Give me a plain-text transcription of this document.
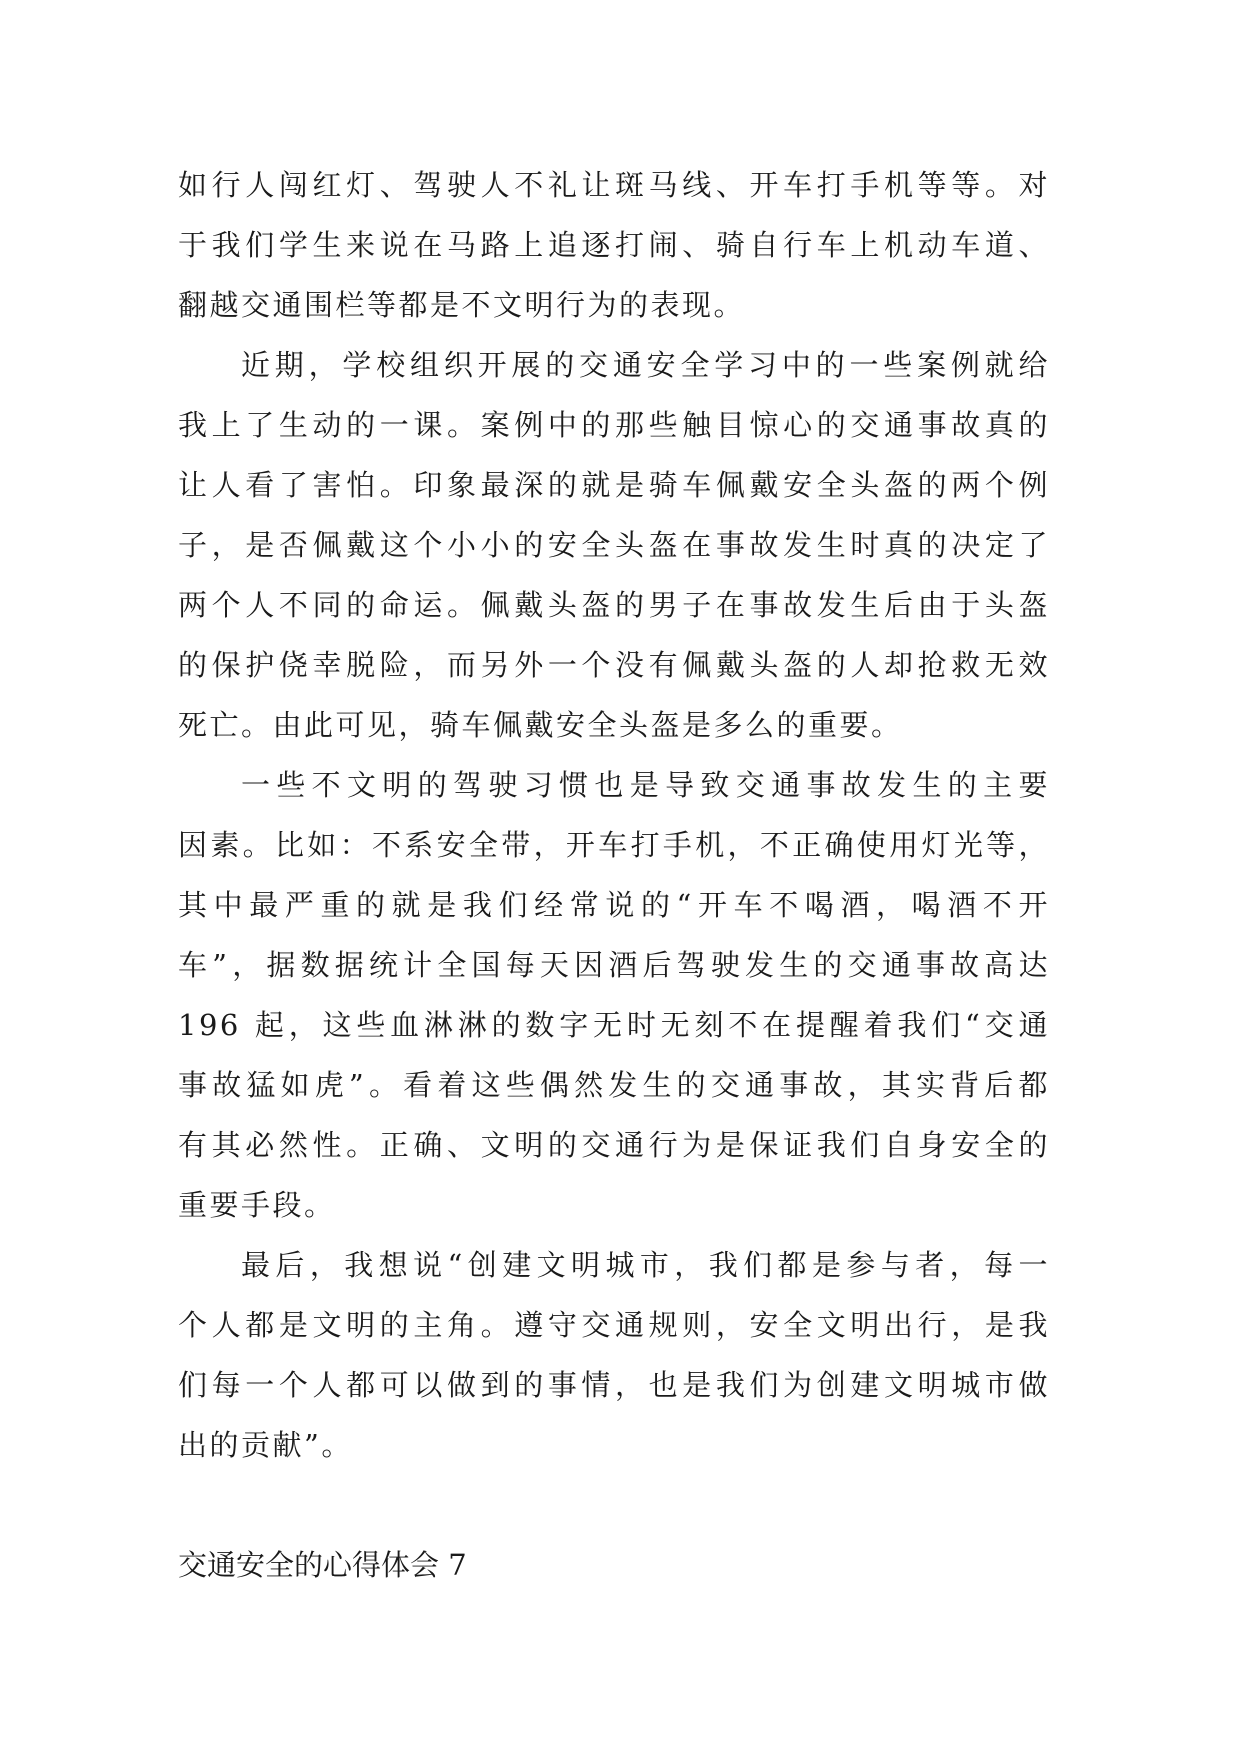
如行人闯红灯、驾驶人不礼让斑马线、开车打手机等等。对
于我们学生来说在马路上追逐打闹、骑自行车上机动车道、
翻越交通围栏等都是不文明行为的表现。
近期，学校组织开展的交通安全学习中的一些案例就给
我上了生动的一课。案例中的那些触目惊心的交通事故真的
让人看了害怕。印象最深的就是骑车佩戴安全头盔的两个例
子，是否佩戴这个小小的安全头盔在事故发生时真的决定了
两个人不同的命运。佩戴头盔的男子在事故发生后由于头盔
的保护侥幸脱险，而另外一个没有佩戴头盔的人却抢救无效
死亡。由此可见，骑车佩戴安全头盔是多么的重要。
一些不文明的驾驶习惯也是导致交通事故发生的主要
因素。比如：不系安全带，开车打手机，不正确使用灯光等，
其中最严重的就是我们经常说的“开车不喝酒，喝酒不开
车”，据数据统计全国每天因酒后驾驶发生的交通事故高达
196 起，这些血淋淋的数字无时无刻不在提醒着我们“交通
事故猛如虎”。看着这些偶然发生的交通事故，其实背后都
有其必然性。正确、文明的交通行为是保证我们自身安全的
重要手段。
最后，我想说“创建文明城市，我们都是参与者，每一
个人都是文明的主角。遵守交通规则，安全文明出行，是我
们每一个人都可以做到的事情，也是我们为创建文明城市做
出的贡献”。
交通安全的心得体会 7
